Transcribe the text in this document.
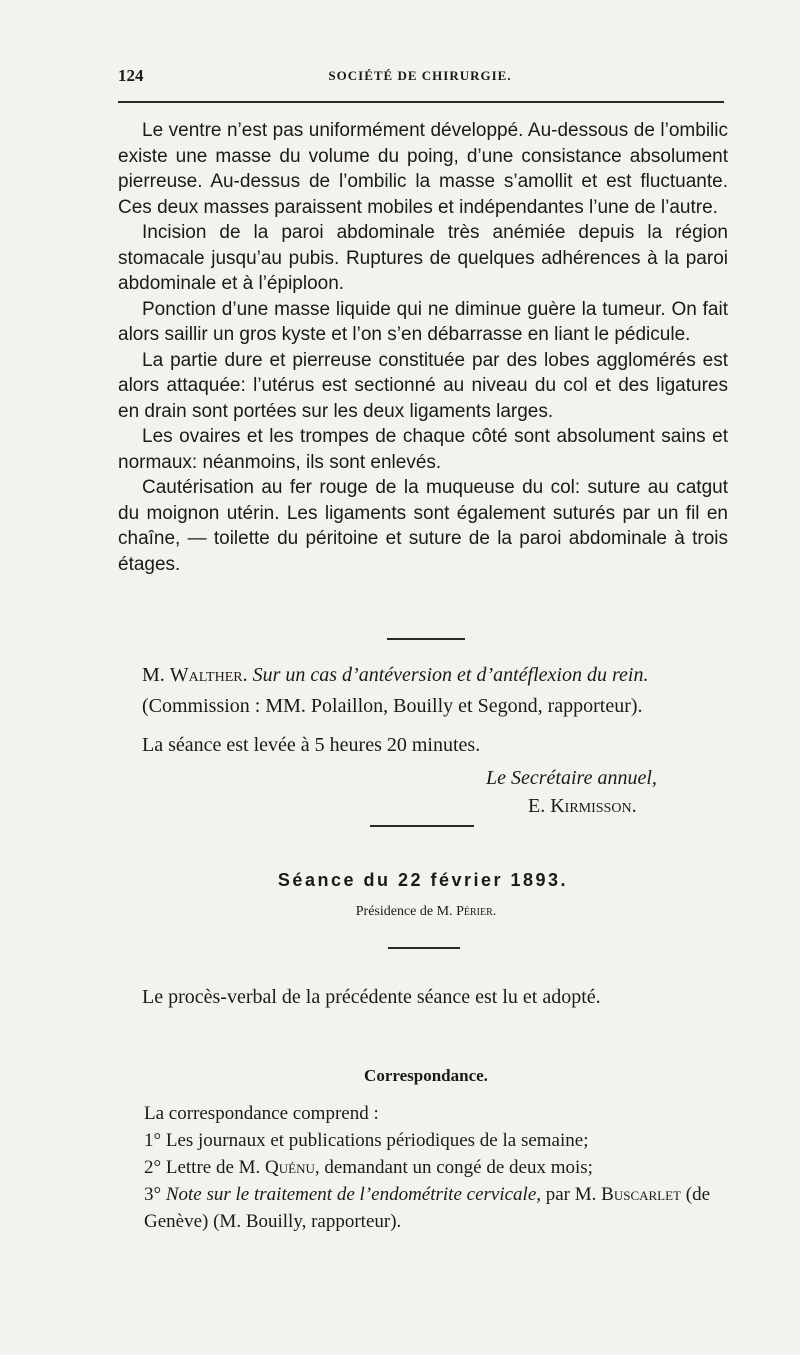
124	SOCIÉTÉ DE CHIRURGIE.

Le ventre n’est pas uniformément développé. Au-dessous de l’ombilic existe une masse du volume du poing, d’une consistance absolument pierreuse. Au-dessus de l’ombilic la masse s’amollit et est fluctuante. Ces deux masses paraissent mobiles et indépendantes l’une de l’autre.

Incision de la paroi abdominale très anémiée depuis la région stomacale jusqu’au pubis. Ruptures de quelques adhérences à la paroi abdominale et à l’épiploon.

Ponction d’une masse liquide qui ne diminue guère la tumeur. On fait alors saillir un gros kyste et l’on s’en débarrasse en liant le pédicule.

La partie dure et pierreuse constituée par des lobes agglomérés est alors attaquée: l’utérus est sectionné au niveau du col et des ligatures en drain sont portées sur les deux ligaments larges.

Les ovaires et les trompes de chaque côté sont absolument sains et normaux: néanmoins, ils sont enlevés.

Cautérisation au fer rouge de la muqueuse du col: suture au catgut du moignon utérin. Les ligaments sont également suturés par un fil en chaîne, — toilette du péritoine et suture de la paroi abdominale à trois étages.

M. Walther. Sur un cas d’antéversion et d’antéflexion du rein.
(Commission : MM. Polaillon, Bouilly et Segond, rapporteur).
La séance est levée à 5 heures 20 minutes.
Le Secrétaire annuel,
E. Kirmisson.
Séance du 22 février 1893.
Présidence de M. Périer.
Le procès-verbal de la précédente séance est lu et adopté.
Correspondance.

La correspondance comprend :

1° Les journaux et publications périodiques de la semaine;

2° Lettre de M. Quénu, demandant un congé de deux mois;

3° Note sur le traitement de l’endométrite cervicale, par M. Buscarlet (de Genève) (M. Bouilly, rapporteur).
